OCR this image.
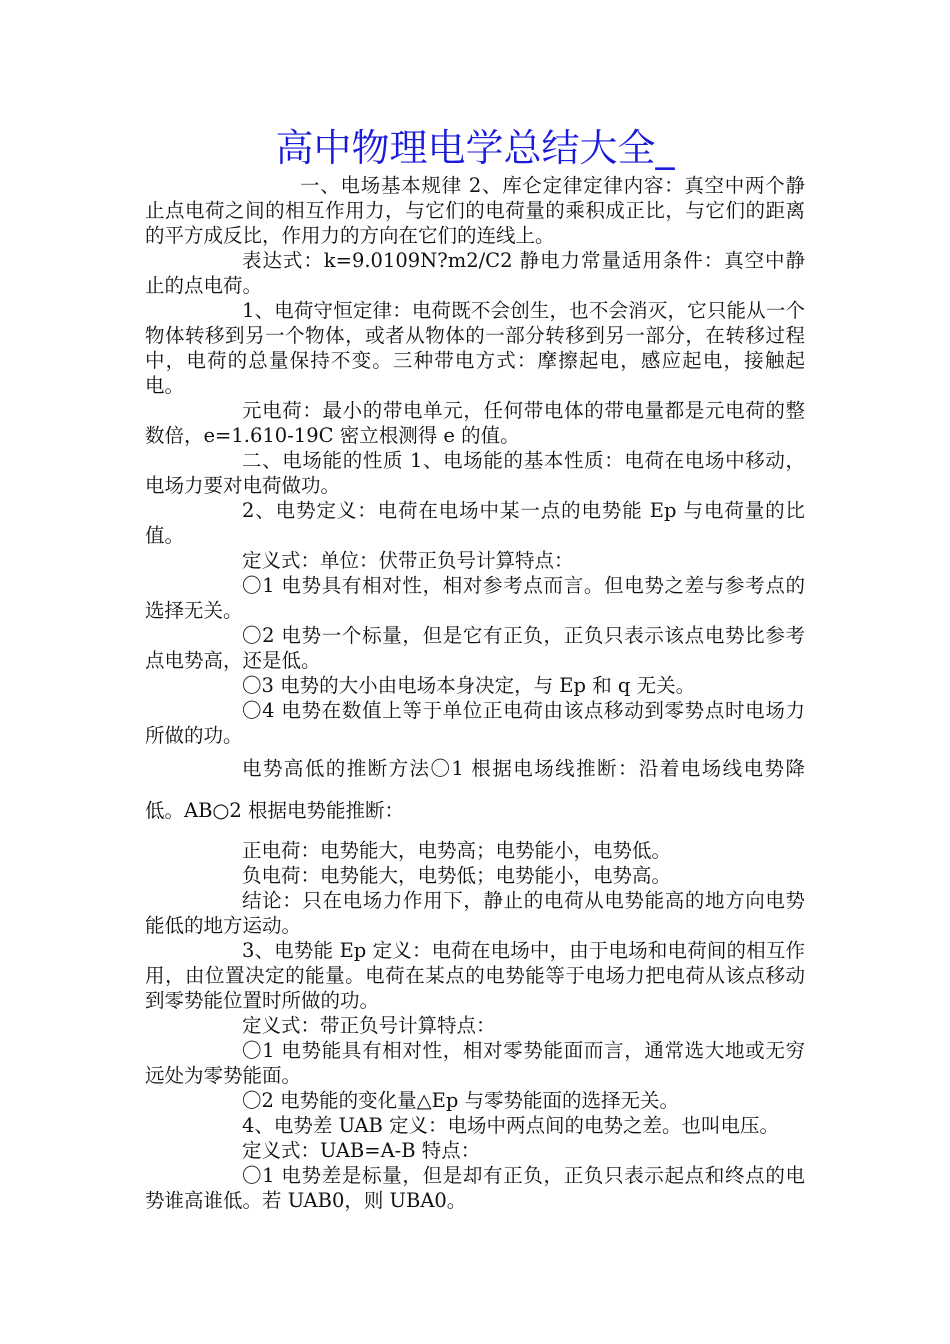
高中物理电学总结大全_

一、电场基本规律 2、库仑定律定律内容：真空中两个静止点电荷之间的相互作用力，与它们的电荷量的乘积成正比，与它们的距离的平方成反比，作用力的方向在它们的连线上。

表达式：k=9.0109N?m2/C2 静电力常量适用条件：真空中静止的点电荷。

1、电荷守恒定律：电荷既不会创生，也不会消灭，它只能从一个物体转移到另一个物体，或者从物体的一部分转移到另一部分，在转移过程中，电荷的总量保持不变。三种带电方式：摩擦起电，感应起电，接触起电。

元电荷：最小的带电单元，任何带电体的带电量都是元电荷的整数倍，e=1.610-19C 密立根测得 e 的值。

二、电场能的性质 1、电场能的基本性质：电荷在电场中移动，电场力要对电荷做功。

2、电势定义：电荷在电场中某一点的电势能 Ep 与电荷量的比值。

定义式：单位：伏带正负号计算特点：

〇1 电势具有相对性，相对参考点而言。但电势之差与参考点的选择无关。

〇2 电势一个标量，但是它有正负，正负只表示该点电势比参考点电势高，还是低。

〇3 电势的大小由电场本身决定，与 Ep 和 q 无关。

〇4 电势在数值上等于单位正电荷由该点移动到零势点时电场力所做的功。

电势高低的推断方法〇1 根据电场线推断：沿着电场线电势降低。AB○2 根据电势能推断：

正电荷：电势能大，电势高；电势能小，电势低。

负电荷：电势能大，电势低；电势能小，电势高。

结论：只在电场力作用下，静止的电荷从电势能高的地方向电势能低的地方运动。

3、电势能 Ep 定义：电荷在电场中，由于电场和电荷间的相互作用，由位置决定的能量。电荷在某点的电势能等于电场力把电荷从该点移动到零势能位置时所做的功。

定义式：带正负号计算特点：

〇1 电势能具有相对性，相对零势能面而言，通常选大地或无穷远处为零势能面。

〇2 电势能的变化量△Ep 与零势能面的选择无关。

4、电势差 UAB 定义：电场中两点间的电势之差。也叫电压。

定义式：UAB=A-B 特点：

〇1 电势差是标量，但是却有正负，正负只表示起点和终点的电势谁高谁低。若 UAB0，则 UBA0。
